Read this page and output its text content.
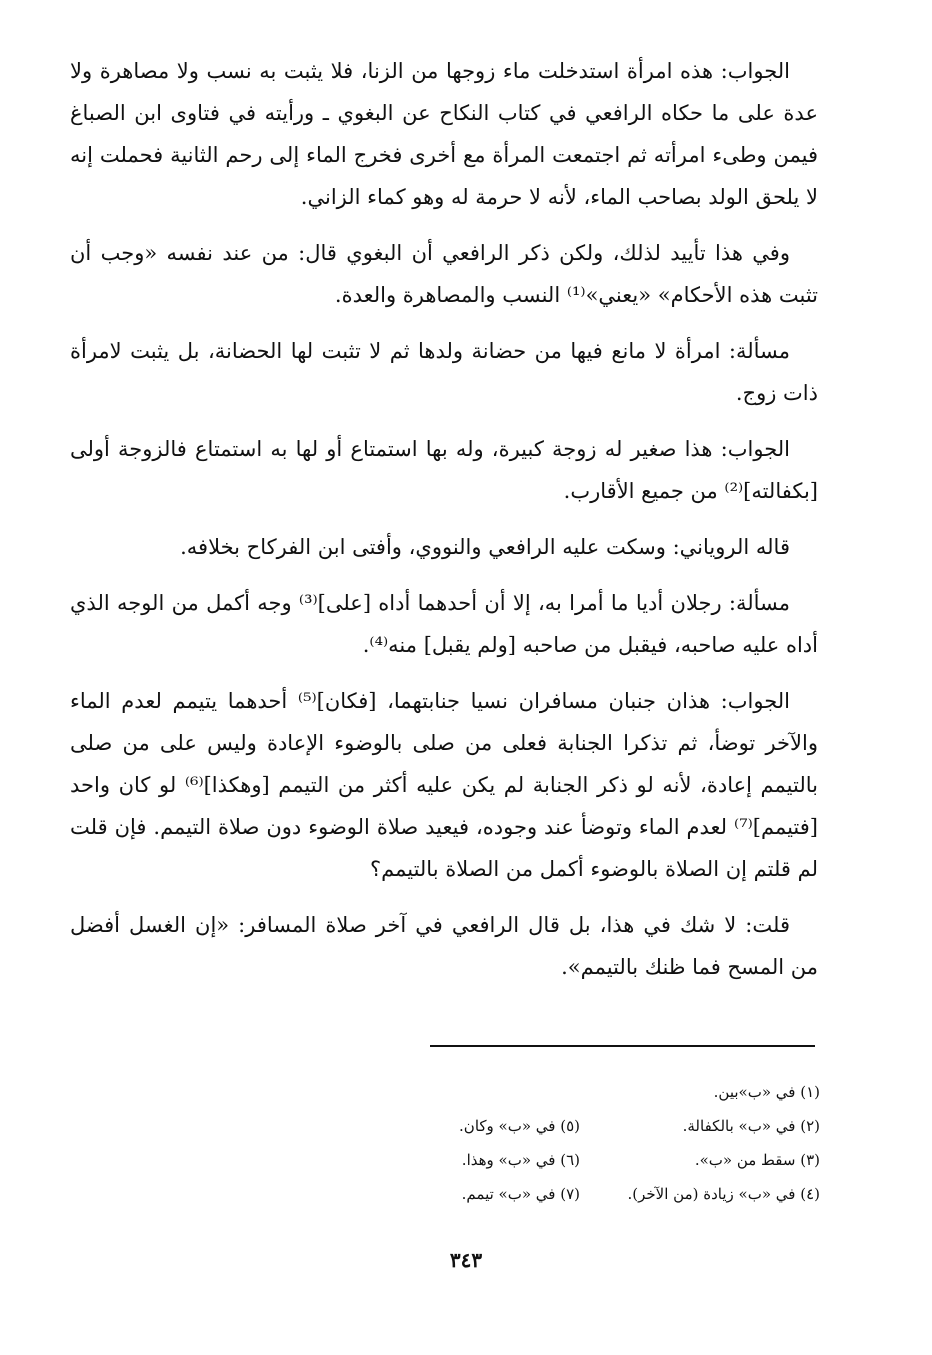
الجواب: هذه امرأة استدخلت ماء زوجها من الزنا، فلا يثبت به نسب ولا مصاهرة ولا عدة على ما حكاه الرافعي في كتاب النكاح عن البغوي ـ ورأيته في فتاوى ابن الصباغ فيمن وطىء امرأته ثم اجتمعت المرأة مع أخرى فخرج الماء إلى رحم الثانية فحملت إنه لا يلحق الولد بصاحب الماء، لأنه لا حرمة له وهو كماء الزاني.

وفي هذا تأييد لذلك، ولكن ذكر الرافعي أن البغوي قال: من عند نفسه «وجب أن تثبت هذه الأحكام» «يعني»⁽¹⁾ النسب والمصاهرة والعدة.

مسألة: امرأة لا مانع فيها من حضانة ولدها ثم لا تثبت لها الحضانة، بل يثبت لامرأة ذات زوج.

الجواب: هذا صغير له زوجة كبيرة، وله بها استمتاع أو لها به استمتاع فالزوجة أولى [بكفالته]⁽²⁾ من جميع الأقارب.

قاله الروياني: وسكت عليه الرافعي والنووي، وأفتى ابن الفركاح بخلافه.

مسألة: رجلان أديا ما أمرا به، إلا أن أحدهما أداه [على]⁽³⁾ وجه أكمل من الوجه الذي أداه عليه صاحبه، فيقبل من صاحبه [ولم يقبل] منه⁽⁴⁾.

الجواب: هذان جنبان مسافران نسيا جنابتهما، [فكان]⁽⁵⁾ أحدهما يتيمم لعدم الماء والآخر توضأ، ثم تذكرا الجنابة فعلى من صلى بالوضوء الإعادة وليس على من صلى بالتيمم إعادة، لأنه لو ذكر الجنابة لم يكن عليه أكثر من التيمم [وهكذا]⁽⁶⁾ لو كان واحد [فتيمم]⁽⁷⁾ لعدم الماء وتوضأ عند وجوده، فيعيد صلاة الوضوء دون صلاة التيمم. فإن قلت لم قلتم إن الصلاة بالوضوء أكمل من الصلاة بالتيمم؟

قلت: لا شك في هذا، بل قال الرافعي في آخر صلاة المسافر: «إن الغسل أفضل من المسح فما ظنك بالتيمم».

(١) في «ب»بين.
(٢) في «ب» بالكفالة.
(٥) في «ب» وكان.
(٣) سقط من «ب».
(٦) في «ب» وهذا.
(٤) في «ب» زيادة (من الآخر).
(٧) في «ب» تيمم.
٣٤٣
